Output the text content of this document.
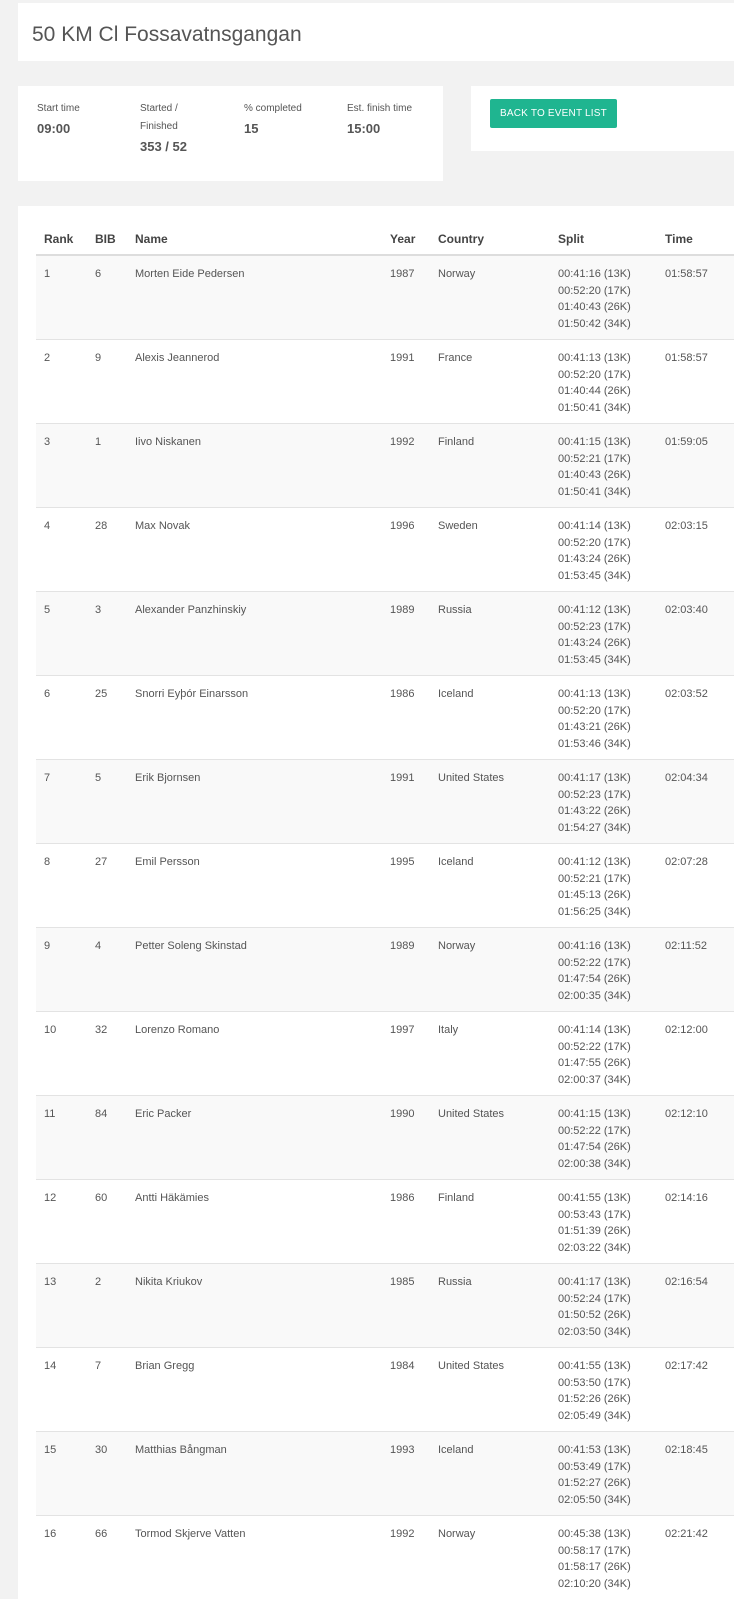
50 KM Cl Fossavatnsgangan
Start time
09:00
Started / Finished
353 / 52
% completed
15
Est. finish time
15:00
BACK TO EVENT LIST
Rank	BIB	Name	Year	Country	Split	Time
1	6	Morten Eide Pedersen	1987	Norway	00:41:16 (13K)
00:52:20 (17K)
01:40:43 (26K)
01:50:42 (34K)	01:58:57
2	9	Alexis Jeannerod	1991	France	00:41:13 (13K)
00:52:20 (17K)
01:40:44 (26K)
01:50:41 (34K)	01:58:57
3	1	Iivo Niskanen	1992	Finland	00:41:15 (13K)
00:52:21 (17K)
01:40:43 (26K)
01:50:41 (34K)	01:59:05
4	28	Max Novak	1996	Sweden	00:41:14 (13K)
00:52:20 (17K)
01:43:24 (26K)
01:53:45 (34K)	02:03:15
5	3	Alexander Panzhinskiy	1989	Russia	00:41:12 (13K)
00:52:23 (17K)
01:43:24 (26K)
01:53:45 (34K)	02:03:40
6	25	Snorri Eyþór Einarsson	1986	Iceland	00:41:13 (13K)
00:52:20 (17K)
01:43:21 (26K)
01:53:46 (34K)	02:03:52
7	5	Erik Bjornsen	1991	United States	00:41:17 (13K)
00:52:23 (17K)
01:43:22 (26K)
01:54:27 (34K)	02:04:34
8	27	Emil Persson	1995	Iceland	00:41:12 (13K)
00:52:21 (17K)
01:45:13 (26K)
01:56:25 (34K)	02:07:28
9	4	Petter Soleng Skinstad	1989	Norway	00:41:16 (13K)
00:52:22 (17K)
01:47:54 (26K)
02:00:35 (34K)	02:11:52
10	32	Lorenzo Romano	1997	Italy	00:41:14 (13K)
00:52:22 (17K)
01:47:55 (26K)
02:00:37 (34K)	02:12:00
11	84	Eric Packer	1990	United States	00:41:15 (13K)
00:52:22 (17K)
01:47:54 (26K)
02:00:38 (34K)	02:12:10
12	60	Antti Häkämies	1986	Finland	00:41:55 (13K)
00:53:43 (17K)
01:51:39 (26K)
02:03:22 (34K)	02:14:16
13	2	Nikita Kriukov	1985	Russia	00:41:17 (13K)
00:52:24 (17K)
01:50:52 (26K)
02:03:50 (34K)	02:16:54
14	7	Brian Gregg	1984	United States	00:41:55 (13K)
00:53:50 (17K)
01:52:26 (26K)
02:05:49 (34K)	02:17:42
15	30	Matthias Bångman	1993	Iceland	00:41:53 (13K)
00:53:49 (17K)
01:52:27 (26K)
02:05:50 (34K)	02:18:45
16	66	Tormod Skjerve Vatten	1992	Norway	00:45:38 (13K)
00:58:17 (17K)
01:58:17 (26K)
02:10:20 (34K)	02:21:42
